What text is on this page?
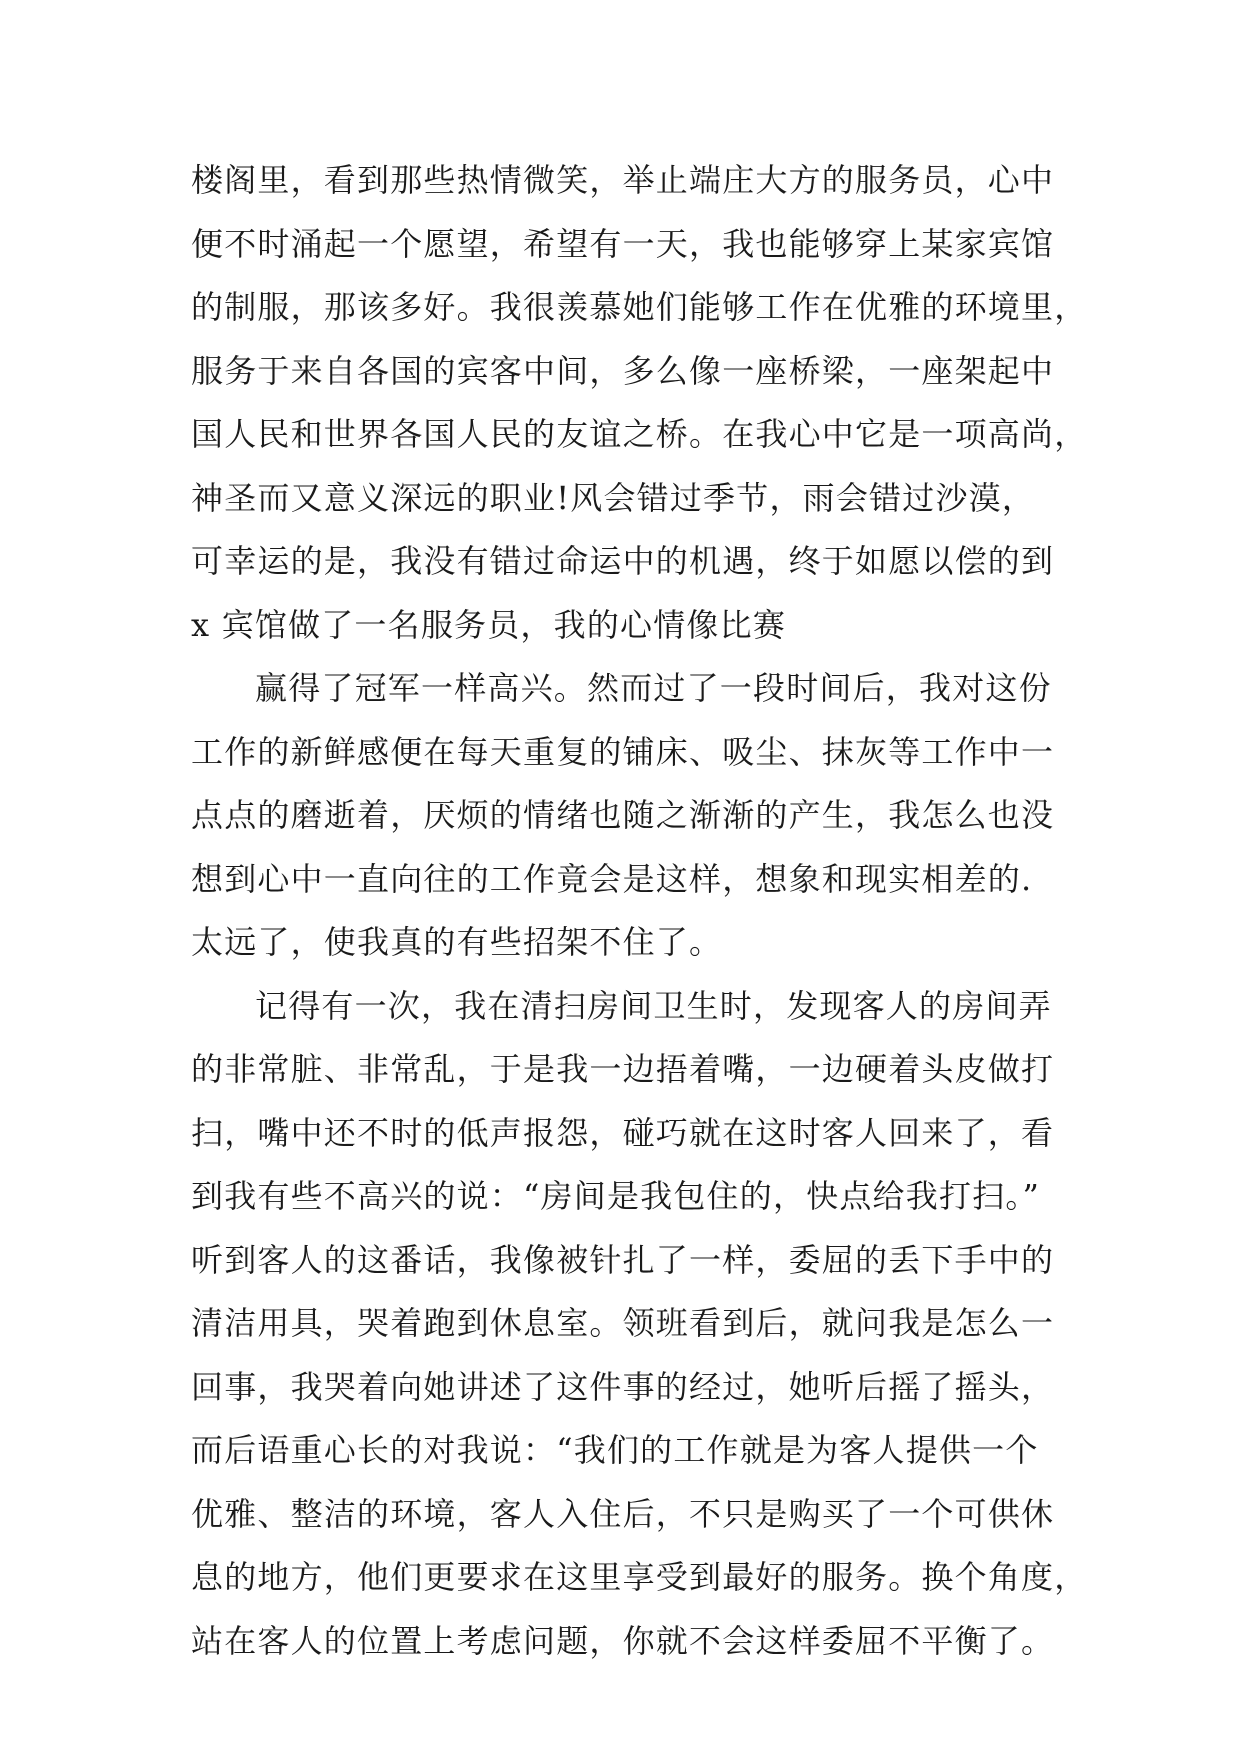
楼阁里，看到那些热情微笑，举止端庄大方的服务员，心中
便不时涌起一个愿望，希望有一天，我也能够穿上某家宾馆
的制服，那该多好。我很羡慕她们能够工作在优雅的环境里，
服务于来自各国的宾客中间，多么像一座桥梁，一座架起中
国人民和世界各国人民的友谊之桥。在我心中它是一项高尚，
神圣而又意义深远的职业!风会错过季节，雨会错过沙漠，
可幸运的是，我没有错过命运中的机遇，终于如愿以偿的到
x 宾馆做了一名服务员，我的心情像比赛
赢得了冠军一样高兴。然而过了一段时间后，我对这份
工作的新鲜感便在每天重复的铺床、吸尘、抹灰等工作中一
点点的磨逝着，厌烦的情绪也随之渐渐的产生，我怎么也没
想到心中一直向往的工作竟会是这样，想象和现实相差的.
太远了，使我真的有些招架不住了。
记得有一次，我在清扫房间卫生时，发现客人的房间弄
的非常脏、非常乱，于是我一边捂着嘴，一边硬着头皮做打
扫，嘴中还不时的低声报怨，碰巧就在这时客人回来了，看
到我有些不高兴的说：“房间是我包住的，快点给我打扫。”
听到客人的这番话，我像被针扎了一样，委屈的丢下手中的
清洁用具，哭着跑到休息室。领班看到后，就问我是怎么一
回事，我哭着向她讲述了这件事的经过，她听后摇了摇头，
而后语重心长的对我说：“我们的工作就是为客人提供一个
优雅、整洁的环境，客人入住后，不只是购买了一个可供休
息的地方，他们更要求在这里享受到最好的服务。换个角度，
站在客人的位置上考虑问题，你就不会这样委屈不平衡了。
